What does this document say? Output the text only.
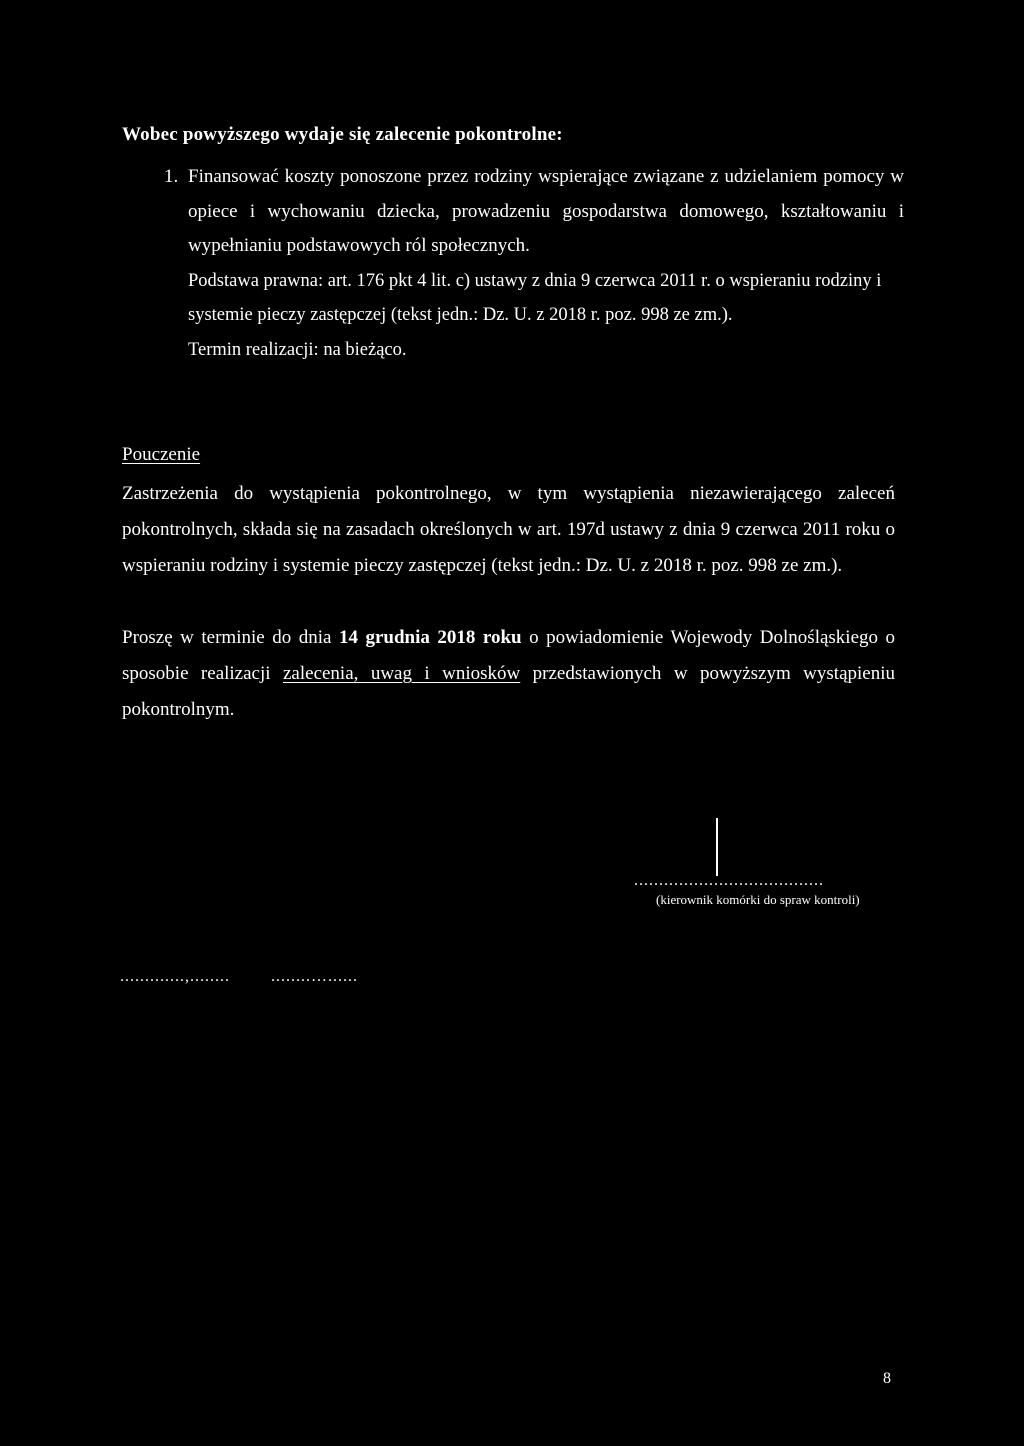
Wobec powyższego wydaje się zalecenie pokontrolne:
1. Finansować koszty ponoszone przez rodziny wspierające związane z udzielaniem pomocy w opiece i wychowaniu dziecka, prowadzeniu gospodarstwa domowego, kształtowaniu i wypełnianiu podstawowych ról społecznych.
Podstawa prawna: art. 176 pkt 4 lit. c) ustawy z dnia 9 czerwca 2011 r. o wspieraniu rodziny i systemie pieczy zastępczej (tekst jedn.: Dz. U. z 2018 r. poz. 998 ze zm.).
Termin realizacji: na bieżąco.
Pouczenie
Zastrzeżenia do wystąpienia pokontrolnego, w tym wystąpienia niezawierającego zaleceń pokontrolnych, składa się na zasadach określonych w art. 197d ustawy z dnia 9 czerwca 2011 roku o wspieraniu rodziny i systemie pieczy zastępczej (tekst jedn.: Dz. U. z 2018 r. poz. 998 ze zm.).
Proszę w terminie do dnia 14 grudnia 2018 roku o powiadomienie Wojewody Dolnośląskiego o sposobie realizacji zalecenia, uwag i wniosków przedstawionych w powyższym wystąpieniu pokontrolnym.
......................................
(kierownik komórki do spraw kontroli)
.............,........	........…......
8
